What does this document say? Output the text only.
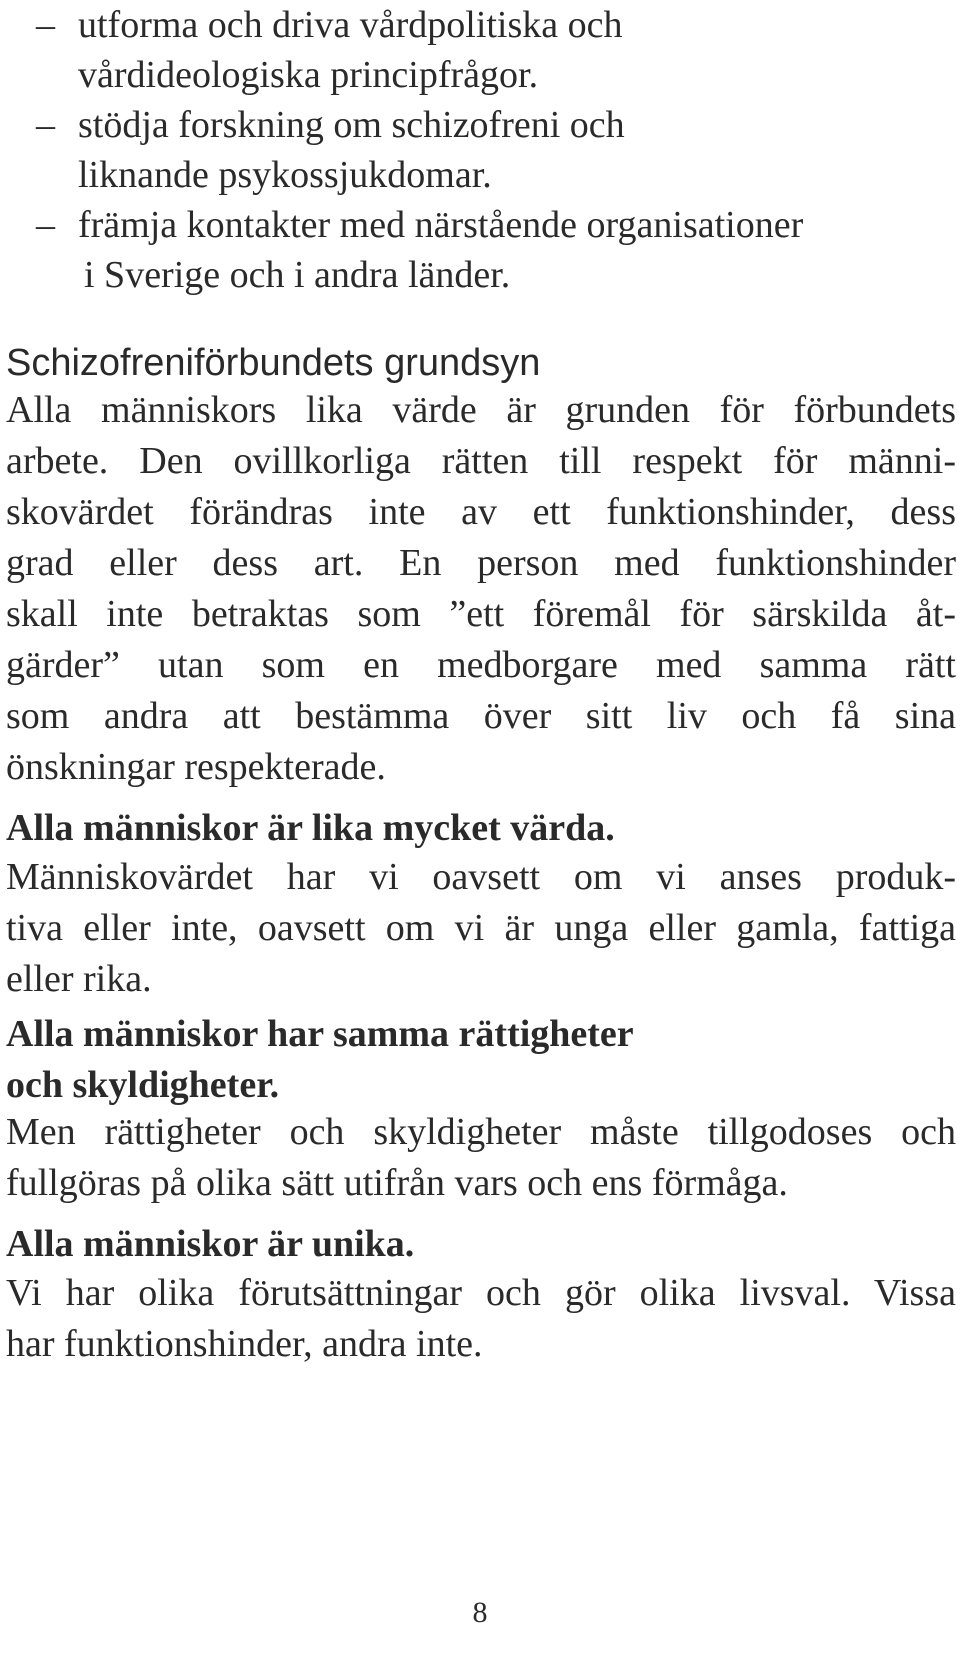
– utforma och driva vårdpolitiska och
vårdideologiska principfrågor.
– stödja forskning om schizofreni och
liknande psykossjukdomar.
– främja kontakter med närstående organisationer
i Sverige och i andra länder.
Schizofreniförbundets grundsyn

Alla människors lika värde är grunden för förbundets
arbete. Den ovillkorliga rätten till respekt för männi-
skovärdet förändras inte av ett funktionshinder, dess
grad eller dess art. En person med funktionshinder
skall inte betraktas som ”ett föremål för särskilda åt-
gärder” utan som en medborgare med samma rätt
som andra att bestämma över sitt liv och få sina
önskningar respekterade.

Alla människor är lika mycket värda.

Människovärdet har vi oavsett om vi anses produk-
tiva eller inte, oavsett om vi är unga eller gamla, fattiga
eller rika.

Alla människor har samma rättigheter
och skyldigheter.

Men rättigheter och skyldigheter måste tillgodoses och
fullgöras på olika sätt utifrån vars och ens förmåga.

Alla människor är unika.

Vi har olika förutsättningar och gör olika livsval. Vissa
har funktionshinder, andra inte.

8
